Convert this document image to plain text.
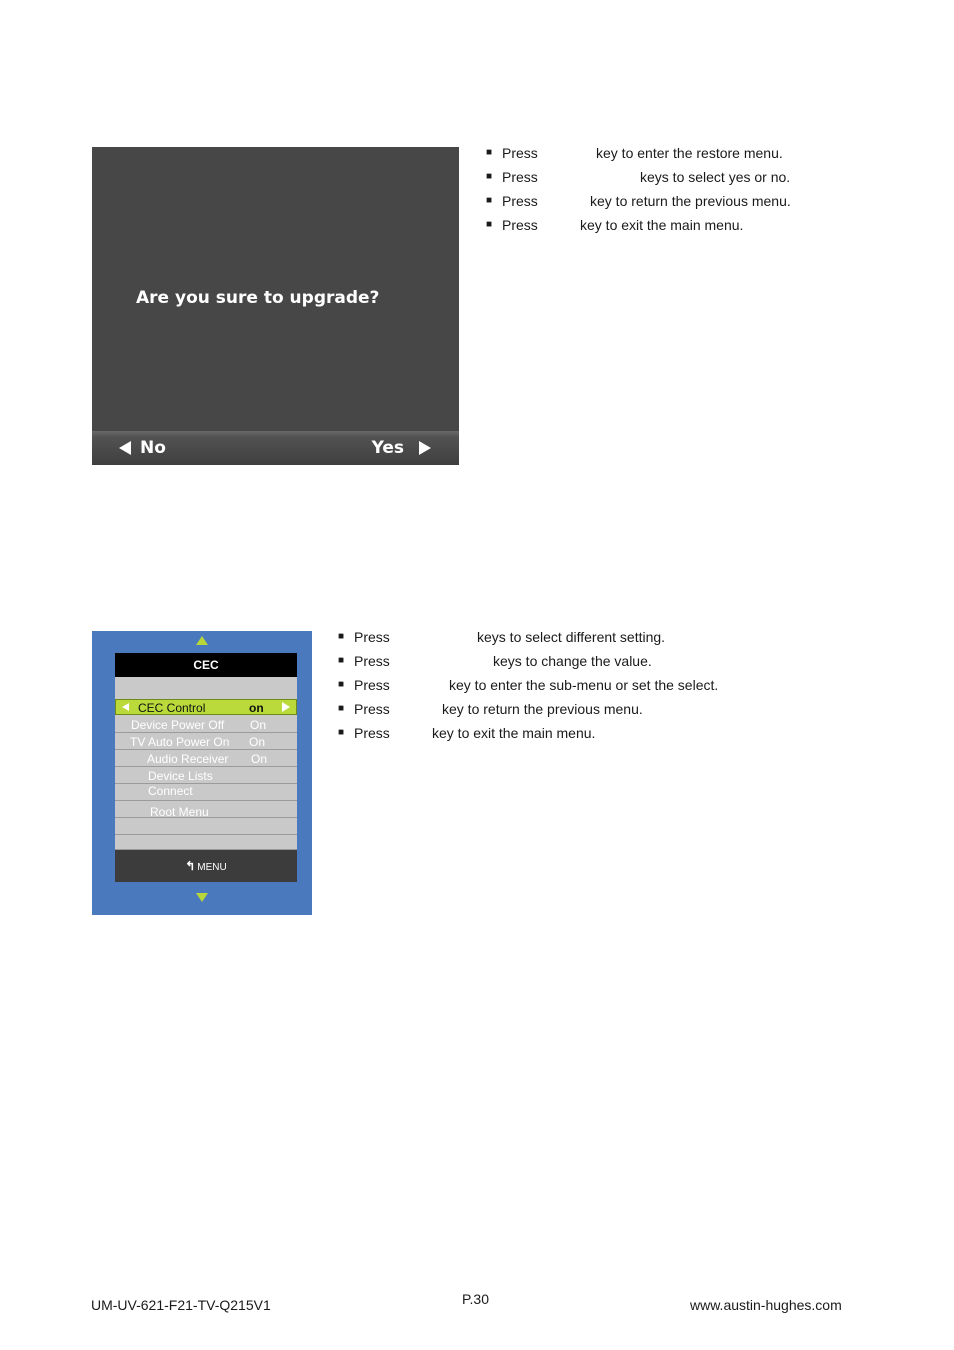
Are you sure to upgrade?
No	Yes
■ Press	key to enter the restore menu.
■ Press	keys to select yes or no.
■ Press	key to return the previous menu.
■ Press	key to exit the main menu.
CEC
CEC Control	on
Device Power Off On
TV Auto Power On On
Audio Receiver On
Device Lists
Connect
Root Menu
↰ MENU
■ Press	keys to select different setting.
■ Press	keys to change the value.
■ Press	key to enter the sub-menu or set the select.
■ Press	key to return the previous menu.
■ Press	key to exit the main menu.
UM-UV-621-F21-TV-Q215V1	P.30	www.austin-hughes.com
